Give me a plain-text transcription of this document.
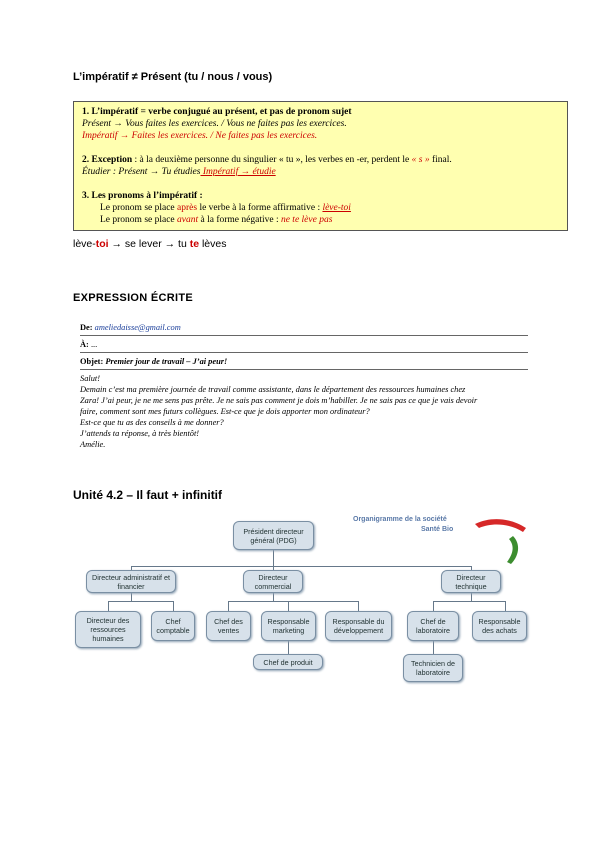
L’impératif ≠ Présent (tu / nous / vous)
1. L’impératif = verbe conjugué au présent, et pas de pronom sujet
Présent → Vous faites les exercices. / Vous ne faites pas les exercices.
Impératif → Faites les exercices. / Ne faites pas les exercices.
2. Exception : à la deuxième personne du singulier « tu », les verbes en -er, perdent le « s » final.
Étudier : Présent → Tu étudies Impératif → étudie
3. Les pronoms à l’impératif :
Le pronom se place après le verbe à la forme affirmative : lève-toi
Le pronom se place avant à la forme négative : ne te lève pas
lève-toi → se lever → tu te lèves
EXPRESSION ÉCRITE
De: ameliedaisse@gmail.com
À: ...
Objet: Premier jour de travail – J’ai peur!
Salut!
Demain c’est ma première journée de travail comme assistante, dans le département des ressources humaines chez
Zara! J’ai peur, je ne me sens pas prête. Je ne sais pas comment je dois m’habiller. Je ne sais pas ce que je vais devoir
faire, comment sont mes futurs collègues. Est-ce que je dois apporter mon ordinateur?
Est-ce que tu as des conseils à me donner?
J’attends ta réponse, à très bientôt!
Amélie.
Unité 4.2 – Il faut + infinitif
Organigramme de la société
Santé Bio
Président directeur général (PDG)
Directeur administratif et financier
Directeur commercial
Directeur technique
Directeur des ressources humaines
Chef comptable
Chef des ventes
Responsable marketing
Responsable du développement
Chef de laboratoire
Responsable des achats
Chef de produit	Technicien de laboratoire
